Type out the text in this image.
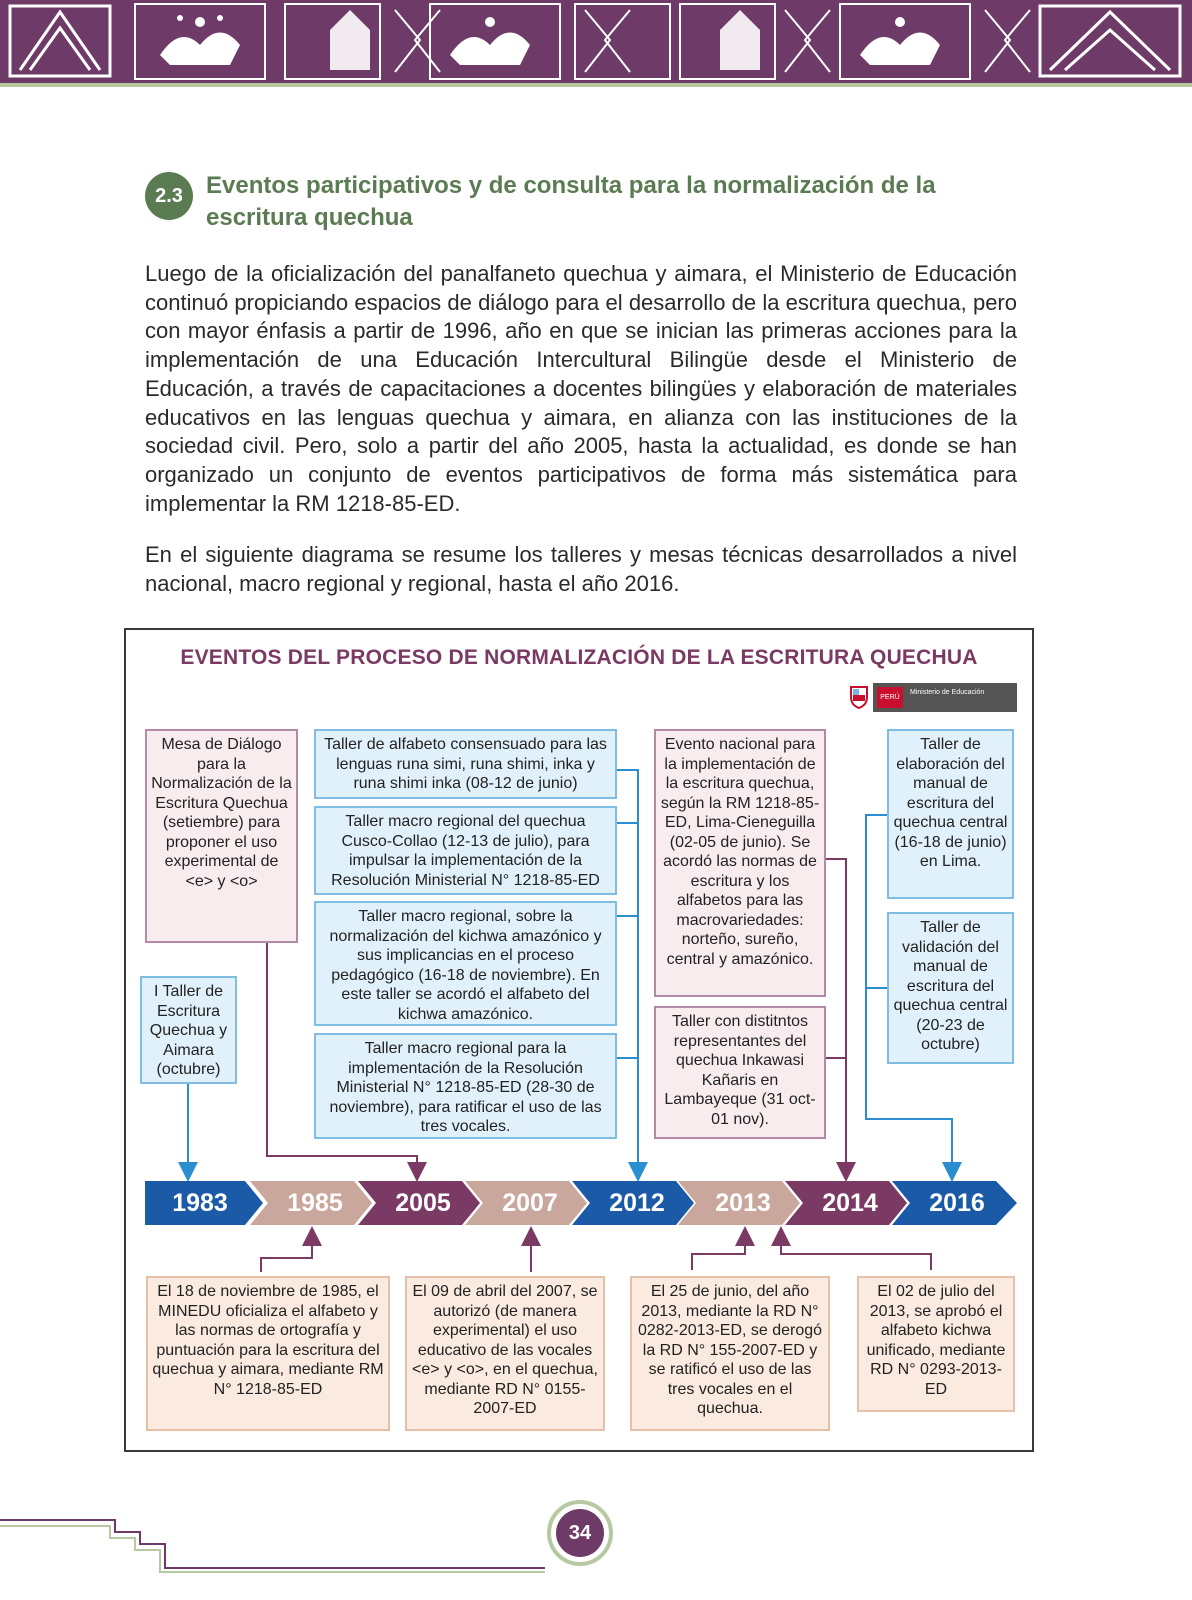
2.3 Eventos participativos y de consulta para la normalización de la escritura quechua
Luego de la oficialización del panalfaneto quechua y aimara, el Ministerio de Educación continuó propiciando espacios de diálogo para el desarrollo de la escritura quechua, pero con mayor énfasis a partir de 1996, año en que se inician las primeras acciones para la implementación de una Educación Intercultural Bilingüe desde el Ministerio de Educación, a través de capacitaciones a docentes bilingües y elaboración de materiales educativos en las lenguas quechua y aimara, en alianza con las instituciones de la sociedad civil. Pero, solo a partir del año 2005, hasta la actualidad, es donde se han organizado un conjunto de eventos participativos de forma más sistemática para implementar la RM 1218-85-ED.
En el siguiente diagrama se resume los talleres y mesas técnicas desarrollados a nivel nacional, macro regional y regional, hasta el año 2016.
EVENTOS DEL PROCESO DE NORMALIZACIÓN DE LA ESCRITURA QUECHUA
PERÚ
Ministerio de Educación
Mesa de Diálogo para la Normalización de la Escritura Quechua (setiembre) para proponer el uso experimental de <e> y <o>
I Taller de Escritura Quechua y Aimara (octubre)
Taller de alfabeto consensuado para las lenguas runa simi, runa shimi, inka y runa shimi inka (08-12 de junio)
Taller macro regional del quechua Cusco-Collao (12-13 de julio), para impulsar la implementación de la Resolución Ministerial N° 1218-85-ED
Taller macro regional, sobre la normalización del kichwa amazónico y sus implicancias en el proceso pedagógico (16-18 de noviembre). En este taller se acordó el alfabeto del kichwa amazónico.
Taller macro regional para la implementación de la Resolución Ministerial N° 1218-85-ED (28-30 de noviembre), para ratificar el uso de las tres vocales.
Evento nacional para la implementación de la escritura quechua, según la RM 1218-85-ED, Lima-Cieneguilla (02-05 de junio). Se acordó las normas de escritura y los alfabetos para las macrovariedades: norteño, sureño, central y amazónico.
Taller con distitntos representantes del quechua Inkawasi Kañaris en Lambayeque (31 oct-01 nov).
Taller de elaboración del manual de escritura del quechua central (16-18 de junio) en Lima.
Taller de validación del manual de escritura del quechua central (20-23 de octubre)
1983	1985	2005	2007	2012	2013	2014	2016
El 18 de noviembre de 1985, el MINEDU oficializa el alfabeto y las normas de ortografía y puntuación para la escritura del quechua y aimara, mediante RM N° 1218-85-ED
El 09 de abril del 2007, se autorizó (de manera experimental) el uso educativo de las vocales <e> y <o>, en el quechua, mediante RD N° 0155-2007-ED
El 25 de junio, del año 2013, mediante la RD N° 0282-2013-ED, se derogó la RD N° 155-2007-ED y se ratificó el uso de las tres vocales en el quechua.
El 02 de julio del 2013, se aprobó el alfabeto kichwa unificado, mediante RD N° 0293-2013-ED
34
